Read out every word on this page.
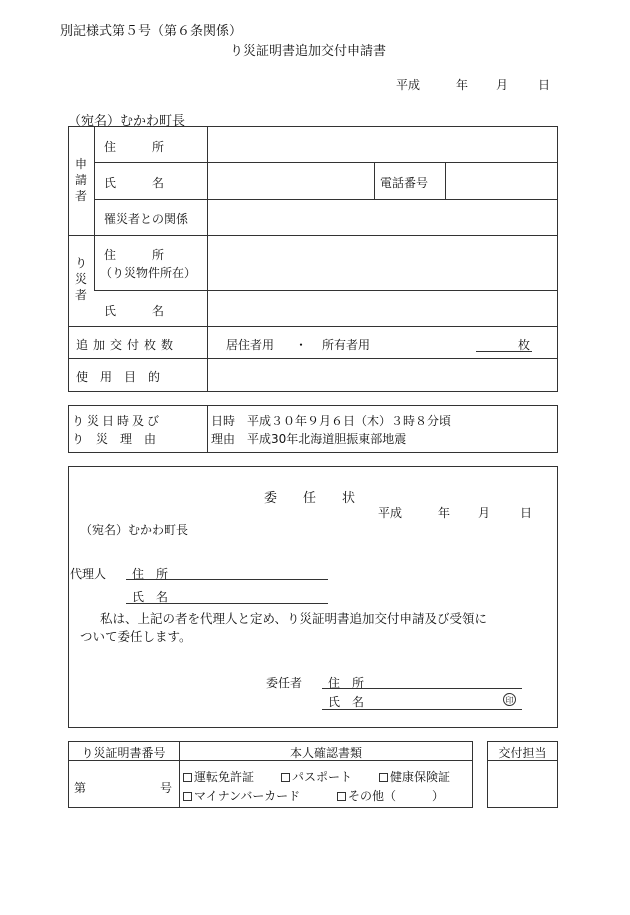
別記様式第５号（第６条関係）
り災証明書追加交付申請書
平成	年 月 日
（宛名）むかわ町長
申請者
住　　　所
氏　　　名	電話番号
罹災者との関係
り災者
住　　　所
（り災物件所在）
氏　　　名
追加交付枚数	居住者用 ・ 所有者用	枚
使　用　目　的
り災日時及び
り　災　理　由
日時　平成３０年９月６日（木）３時８分頃
理由　平成30年北海道胆振東部地震
委　　任　　状
平成	年 月 日
（宛名）むかわ町長
代理人 住　所
氏　名
私は、上記の者を代理人と定め、り災証明書追加交付申請及び受領に
ついて委任します。
委任者 住　所
氏　名	印
り災証明書番号	本人確認書類
第	号
運転免許証	パスポート	健康保険証
マイナンバーカード	その他（　　　）
交付担当
